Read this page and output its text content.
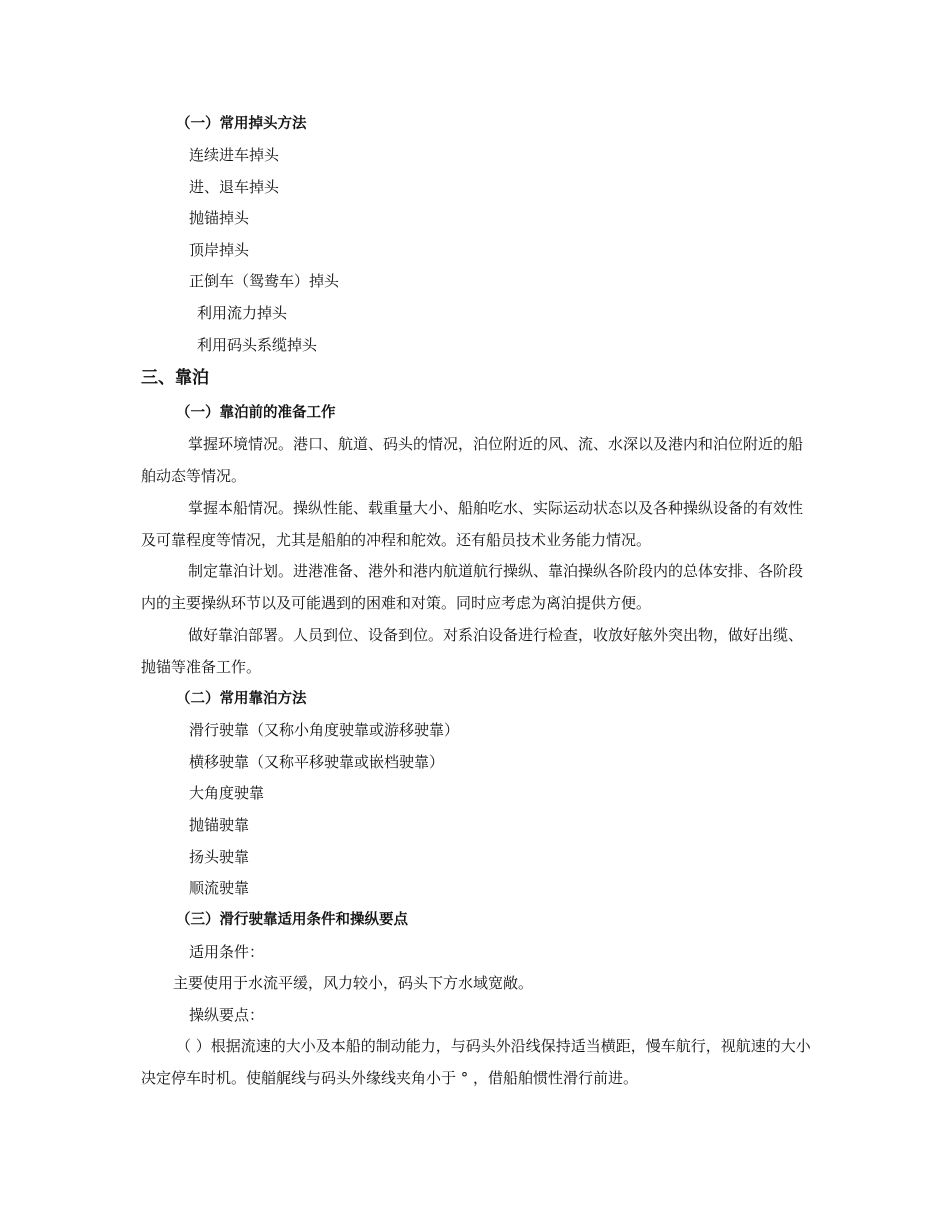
（一）常用掉头方法
连续进车掉头
进、退车掉头
抛锚掉头
顶岸掉头
正倒车（鸳鸯车）掉头
利用流力掉头
利用码头系缆掉头
三、靠泊
（一）靠泊前的准备工作
掌握环境情况。港口、航道、码头的情况，泊位附近的风、流、水深以及港内和泊位附近的船舶动态等情况。
掌握本船情况。操纵性能、载重量大小、船舶吃水、实际运动状态以及各种操纵设备的有效性及可靠程度等情况，尤其是船舶的冲程和舵效。还有船员技术业务能力情况。
制定靠泊计划。进港准备、港外和港内航道航行操纵、靠泊操纵各阶段内的总体安排、各阶段内的主要操纵环节以及可能遇到的困难和对策。同时应考虑为离泊提供方便。
做好靠泊部署。人员到位、设备到位。对系泊设备进行检查，收放好舷外突出物，做好出缆、抛锚等准备工作。
（二）常用靠泊方法
滑行驶靠（又称小角度驶靠或游移驶靠）
横移驶靠（又称平移驶靠或嵌档驶靠）
大角度驶靠
抛锚驶靠
扬头驶靠
顺流驶靠
（三）滑行驶靠适用条件和操纵要点
适用条件：
主要使用于水流平缓，风力较小，码头下方水域宽敞。
操纵要点：
（ ）根据流速的大小及本船的制动能力，与码头外沿线保持适当横距，慢车航行，视航速的大小决定停车时机。使艏艉线与码头外缘线夹角小于 ° ，借船舶惯性滑行前进。
